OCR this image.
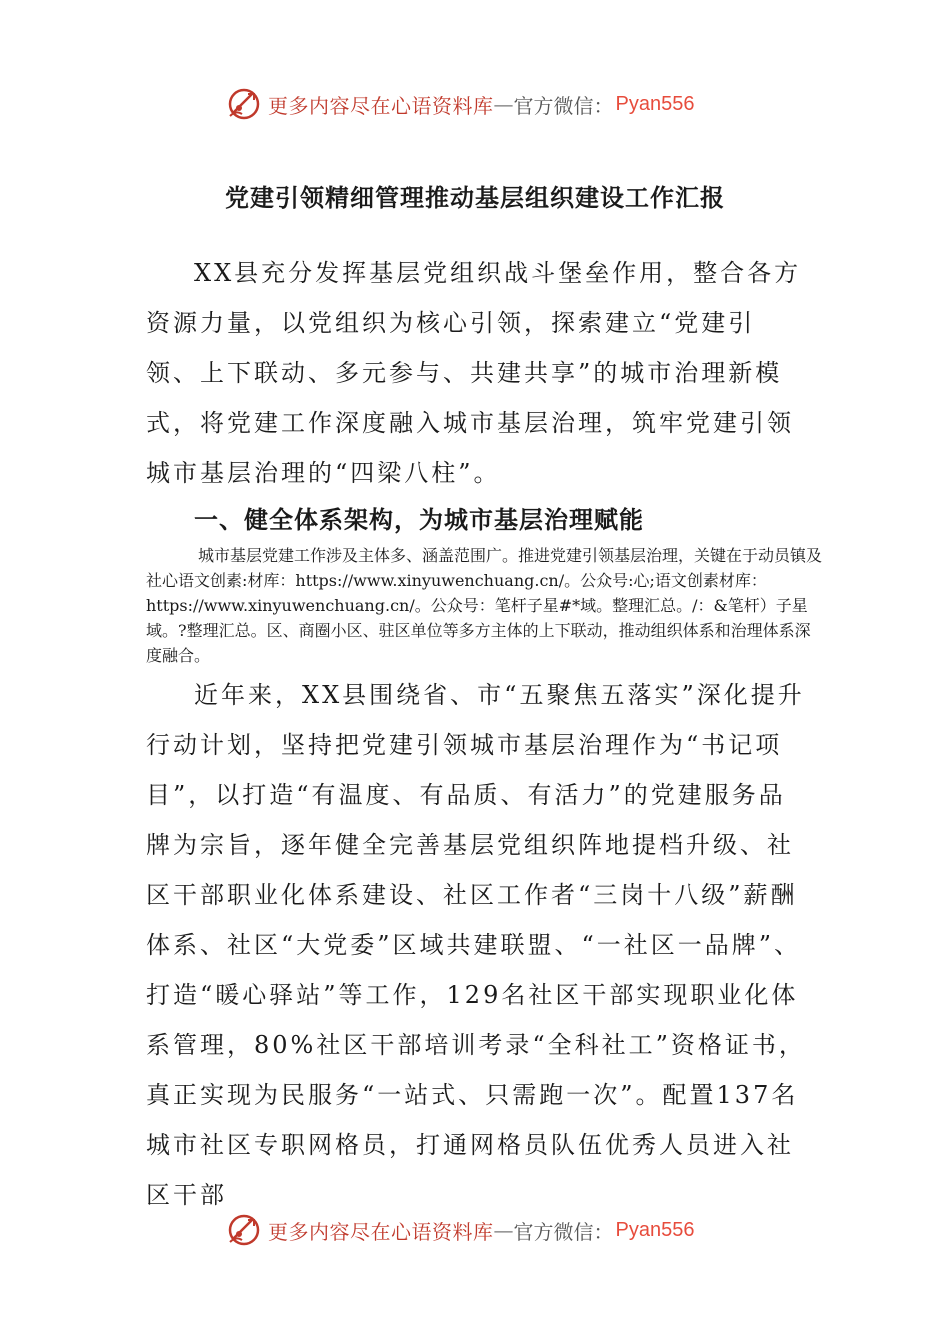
更多内容尽在心语资料库 — 官方微信： Pyan556
党建引领精细管理推动基层组织建设工作汇报

XX县充分发挥基层党组织战斗堡垒作用，整合各方资源力量，以党组织为核心引领，探索建立“党建引领、上下联动、多元参与、共建共享”的城市治理新模式，将党建工作深度融入城市基层治理，筑牢党建引领城市基层治理的“四梁八柱”。

一、健全体系架构，为城市基层治理赋能

城市基层党建工作涉及主体多、涵盖范围广。推进党建引领基层治理，关键在于动员镇及社心语文创素:材库：https://www.xinyuwenchuang.cn/。公众号:心;语文创素材库：https://www.xinyuwenchuang.cn/。公众号：笔杆子星#*域。整理汇总。/：&笔杆）子星域。?整理汇总。区、商圈小区、驻区单位等多方主体的上下联动，推动组织体系和治理体系深度融合。

近年来，XX县围绕省、市“五聚焦五落实”深化提升行动计划，坚持把党建引领城市基层治理作为“书记项目”，以打造“有温度、有品质、有活力”的党建服务品牌为宗旨，逐年健全完善基层党组织阵地提档升级、社区干部职业化体系建设、社区工作者“三岗十八级”薪酬体系、社区“大党委”区域共建联盟、“一社区一品牌”、打造“暖心驿站”等工作，129名社区干部实现职业化体系管理，80%社区干部培训考录“全科社工”资格证书，真正实现为民服务“一站式、只需跑一次”。配置137名城市社区专职网格员，打通网格员队伍优秀人员进入社区干部

更多内容尽在心语资料库 — 官方微信： Pyan556
